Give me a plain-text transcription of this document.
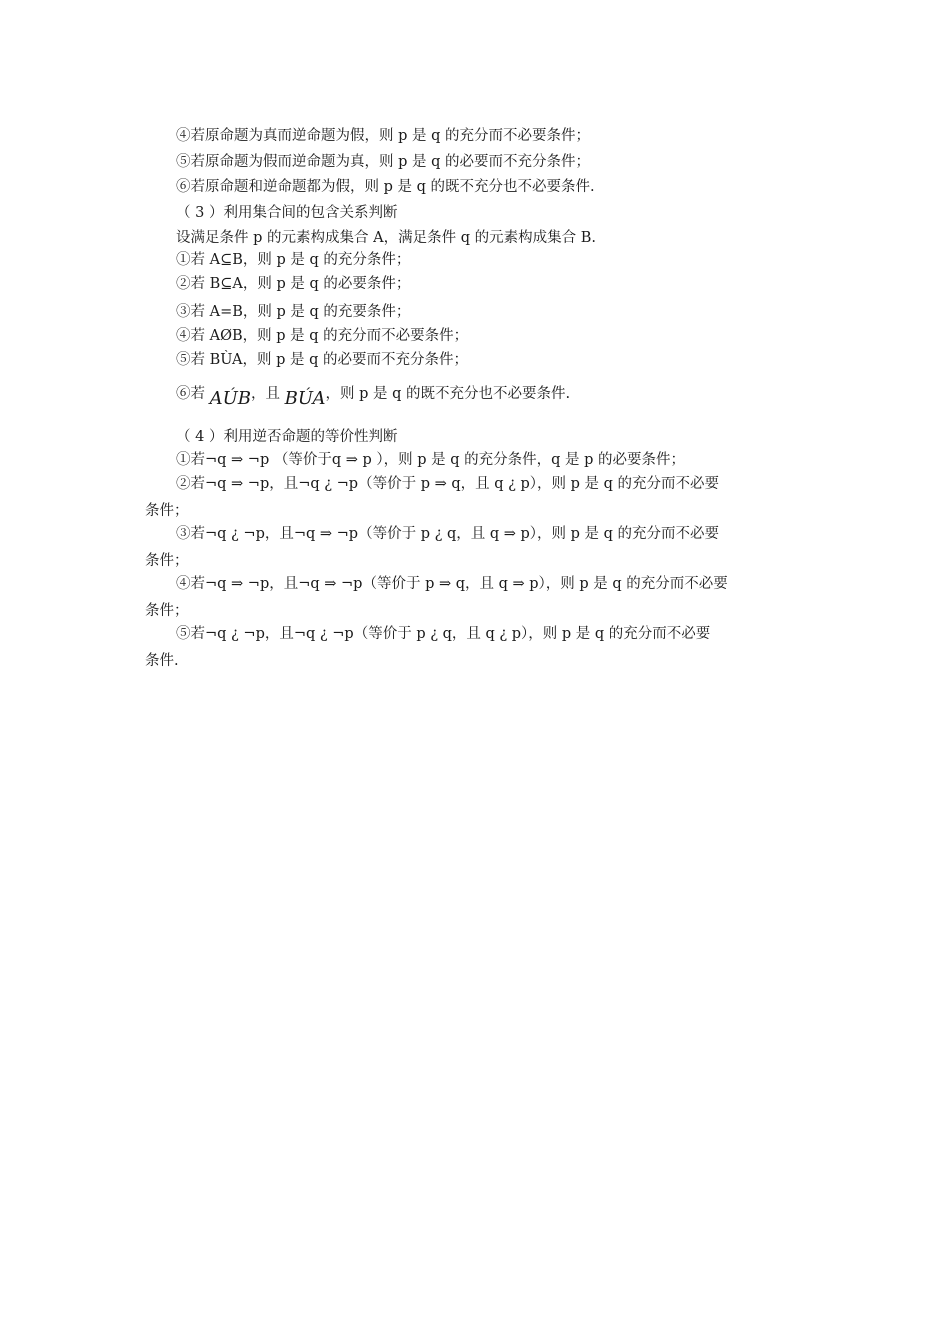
④若原命题为真而逆命题为假，则 p 是 q 的充分而不必要条件；
⑤若原命题为假而逆命题为真，则 p 是 q 的必要而不充分条件；
⑥若原命题和逆命题都为假，则 p 是 q 的既不充分也不必要条件.
（ 3 ）利用集合间的包含关系判断
设满足条件 p 的元素构成集合 A，满足条件 q 的元素构成集合 B.
①若 A⊆B，则 p 是 q 的充分条件；
②若 B⊆A，则 p 是 q 的必要条件；
③若 A=B，则 p 是 q 的充要条件；
④若 AØB，则 p 是 q 的充分而不必要条件；
⑤若 BÙA，则 p 是 q 的必要而不充分条件；
⑥若 AÚB，且 BÚA，则 p 是 q 的既不充分也不必要条件.
（ 4 ）利用逆否命题的等价性判断
①若¬q ⇒ ¬p （等价于q ⇒ p ），则 p 是 q 的充分条件，q 是 p 的必要条件；
②若¬q ⇒ ¬p，且¬q ¿ ¬p（等价于 p ⇒ q，且 q ¿ p），则 p 是 q 的充分而不必要
条件；
③若¬q ¿ ¬p，且¬q ⇒ ¬p（等价于 p ¿ q，且 q ⇒ p），则 p 是 q 的充分而不必要
条件；
④若¬q ⇒ ¬p，且¬q ⇒ ¬p（等价于 p ⇒ q，且 q ⇒ p），则 p 是 q 的充分而不必要
条件；
⑤若¬q ¿ ¬p，且¬q ¿ ¬p（等价于 p ¿ q，且 q ¿ p），则 p 是 q 的充分而不必要
条件.
